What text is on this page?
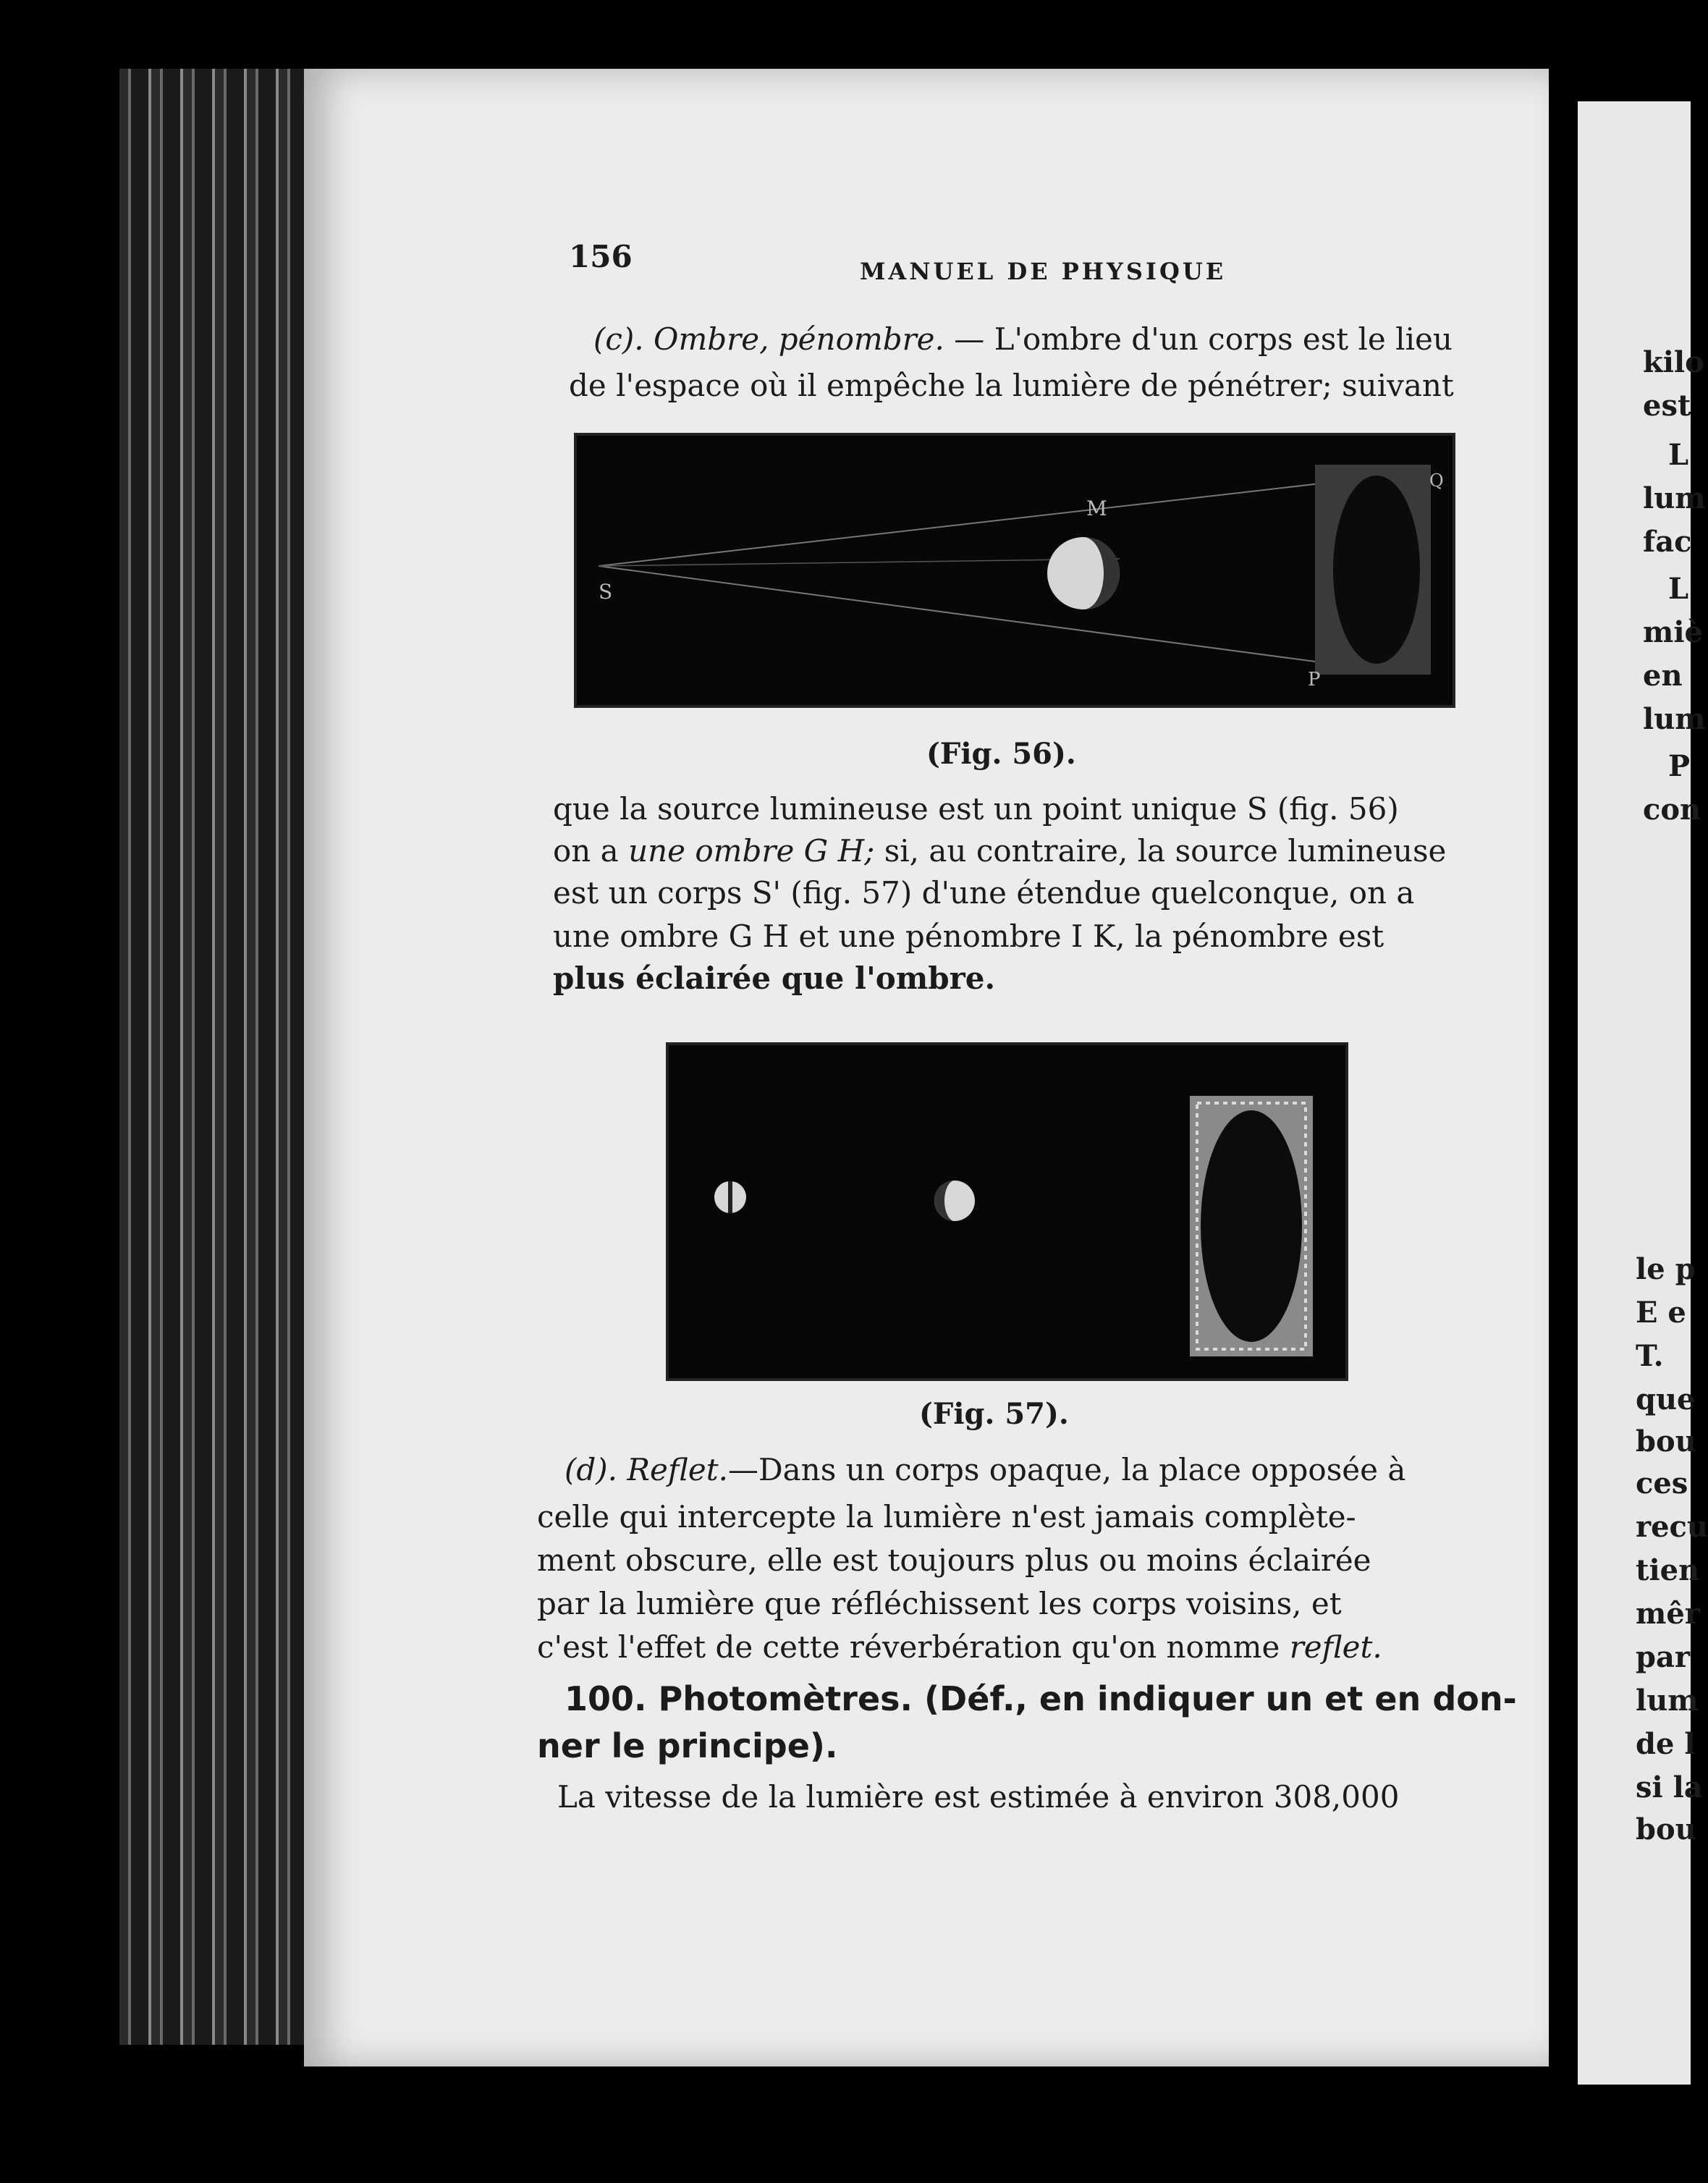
156	MANUEL DE PHYSIQUE
(c). Ombre, pénombre. — L'ombre d'un corps est le lieu
de l'espace où il empêche la lumière de pénétrer; suivant
M
S
P
Q
(Fig. 56).
que la source lumineuse est un point unique S (fig. 56)
on a une ombre G H; si, au contraire, la source lumineuse
est un corps S' (fig. 57) d'une étendue quelconque, on a
une ombre G H et une pénombre I K, la pénombre est
plus éclairée que l'ombre.
(Fig. 57).
(d). Reflet.—Dans un corps opaque, la place opposée à
celle qui intercepte la lumière n'est jamais complète-
ment obscure, elle est toujours plus ou moins éclairée
par la lumière que réfléchissent les corps voisins, et
c'est l'effet de cette réverbération qu'on nomme reflet.
100. Photomètres. (Déf., en indiquer un et en don-
ner le principe).
La vitesse de la lumière est estimée à environ 308,000
kilo
est
L
lum
fac
L
miè
en
lum
P
con
le p
E e
T.
que
bou
ces
recu
tien
mêr
par
lum
de l
si la
bou
